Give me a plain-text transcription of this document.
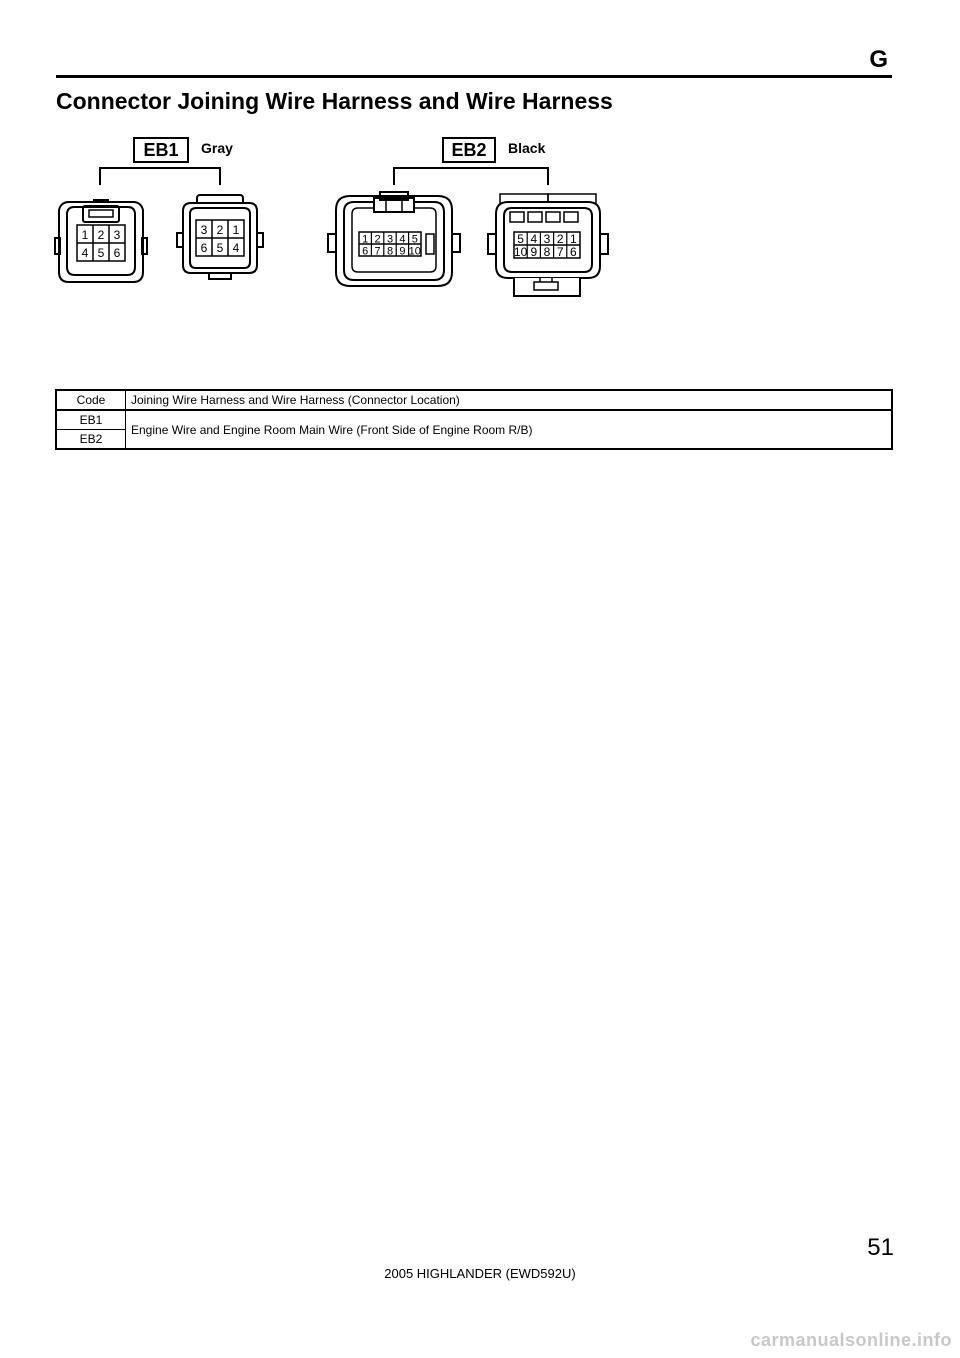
G
Connector Joining Wire Harness and Wire Harness
EB1	Gray	EB2	Black
1 2 3
4 5 6
3 2 1
6 5 4
1 2 3 4 5
6 7 8 9 10
5 4 3 2 1
10 9 8 7 6
Code	Joining Wire Harness and Wire Harness (Connector Location)
EB1	Engine Wire and Engine Room Main Wire (Front Side of Engine Room R/B)
EB2	
51
2005 HIGHLANDER (EWD592U)
carmanualsonline.info
